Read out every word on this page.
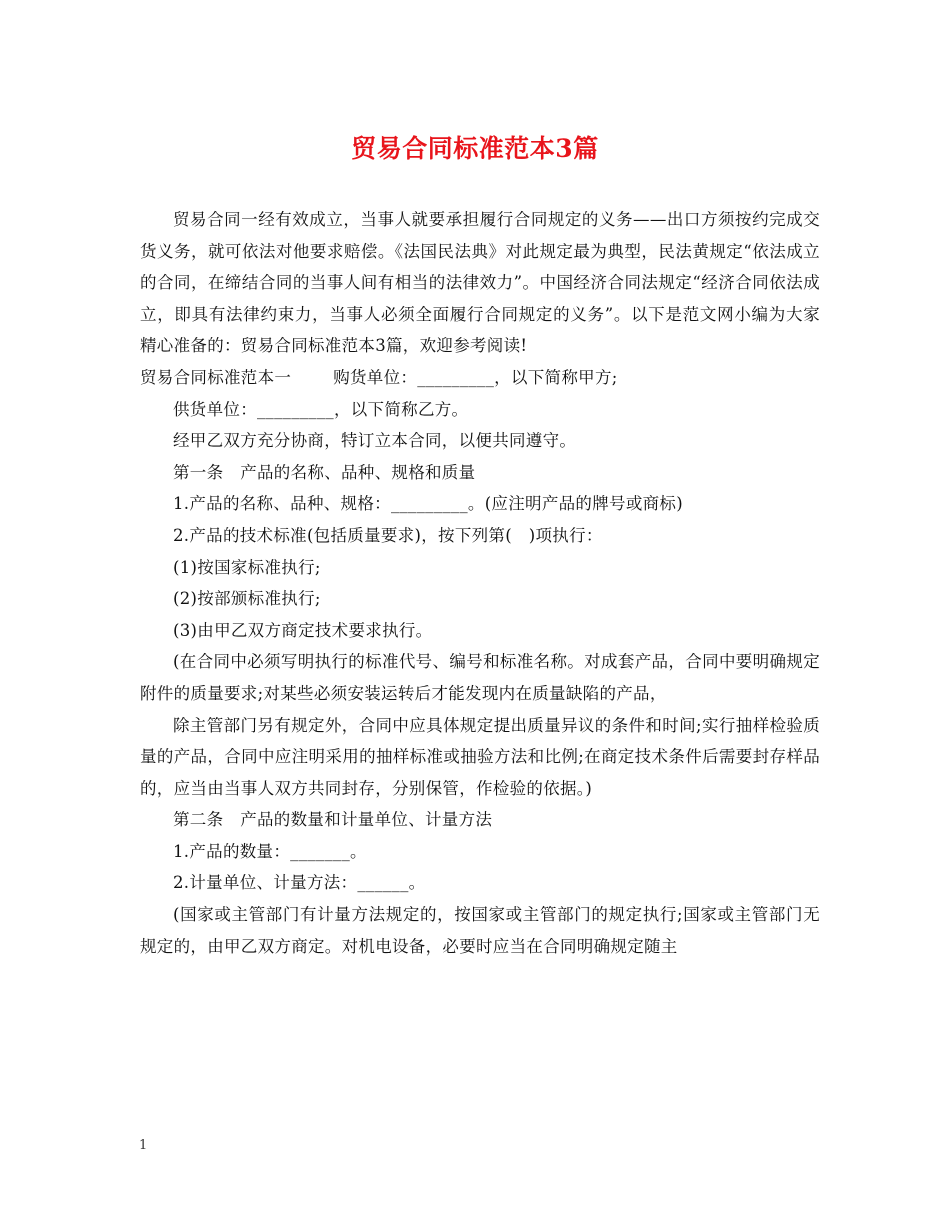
贸易合同标准范本3篇

贸易合同一经有效成立，当事人就要承担履行合同规定的义务——出口方须按约完成交货义务，就可依法对他要求赔偿。《法国民法典》对此规定最为典型，民法黄规定“依法成立的合同，在缔结合同的当事人间有相当的法律效力”。中国经济合同法规定“经济合同依法成立，即具有法律约束力，当事人必须全面履行合同规定的义务”。以下是范文网小编为大家精心准备的：贸易合同标准范本3篇，欢迎参考阅读!

贸易合同标准范本一	购货单位：_________，以下简称甲方;

供货单位：_________，以下简称乙方。

经甲乙双方充分协商，特订立本合同，以便共同遵守。

第一条　产品的名称、品种、规格和质量

1.产品的名称、品种、规格：_________。(应注明产品的牌号或商标)

2.产品的技术标准(包括质量要求)，按下列第(　)项执行：

(1)按国家标准执行;

(2)按部颁标准执行;

(3)由甲乙双方商定技术要求执行。

(在合同中必须写明执行的标准代号、编号和标准名称。对成套产品，合同中要明确规定附件的质量要求;对某些必须安装运转后才能发现内在质量缺陷的产品，

除主管部门另有规定外，合同中应具体规定提出质量异议的条件和时间;实行抽样检验质量的产品，合同中应注明采用的抽样标准或抽验方法和比例;在商定技术条件后需要封存样品的，应当由当事人双方共同封存，分别保管，作检验的依据。)

第二条　产品的数量和计量单位、计量方法

1.产品的数量：_______。

2.计量单位、计量方法：______。

(国家或主管部门有计量方法规定的，按国家或主管部门的规定执行;国家或主管部门无规定的，由甲乙双方商定。对机电设备，必要时应当在合同明确规定随主

1
